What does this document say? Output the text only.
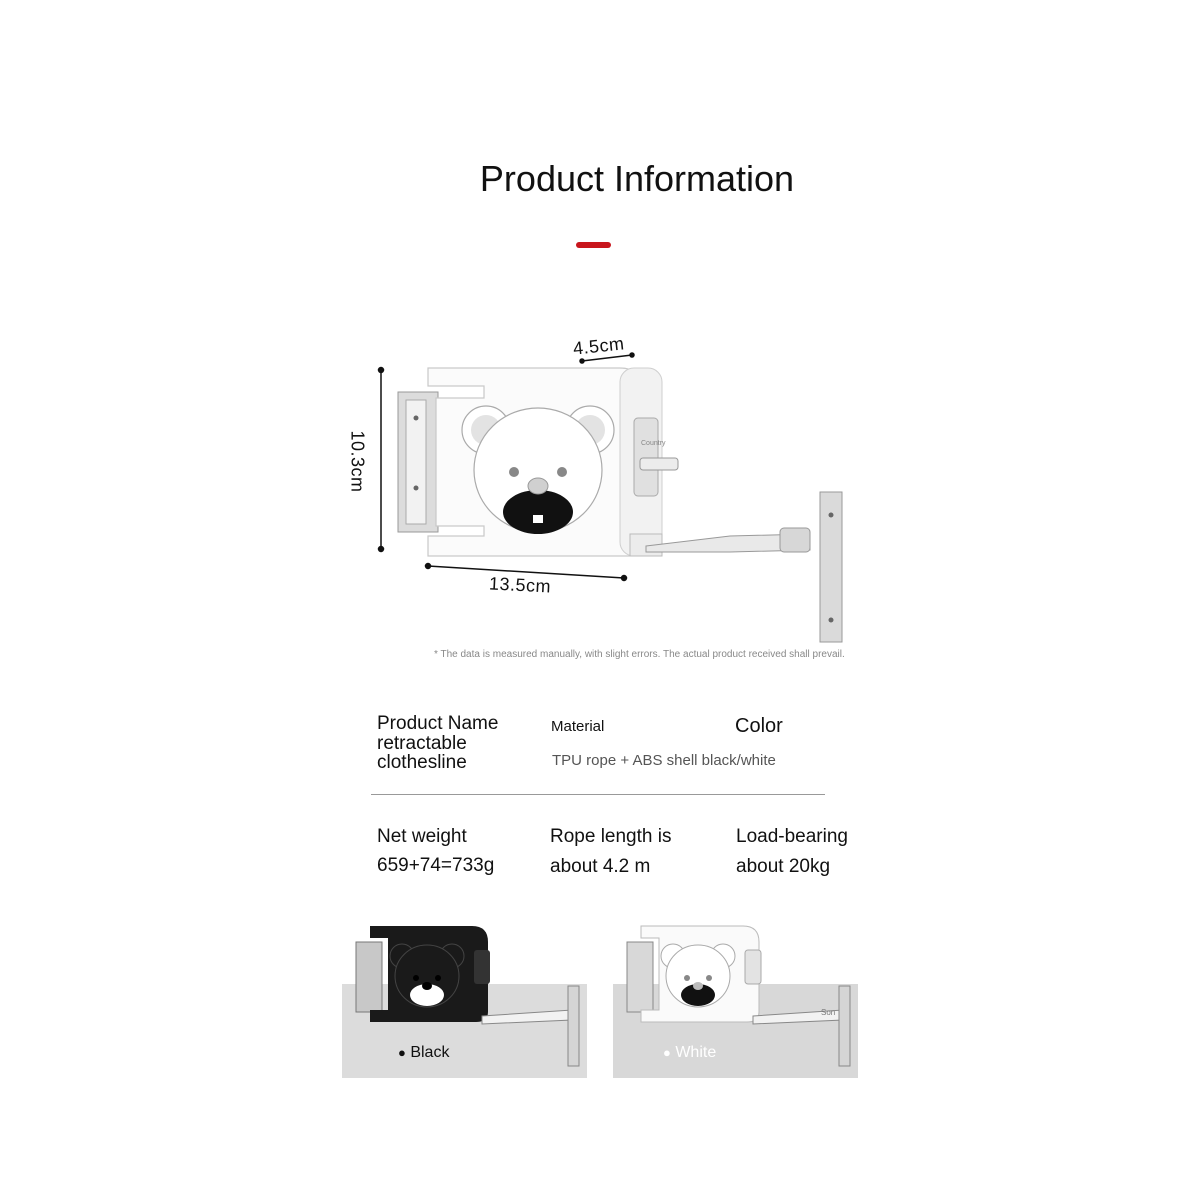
Product Information
Country
4.5cm
10.3cm
13.5cm
* The data is measured manually, with slight errors. The actual product received shall prevail.
Product Name
retractable
clothesline
Material
TPU rope + ABS shell black/white
Color
Net weight
659+74=733g
Rope length is
about 4.2 m
Load-bearing
about 20kg
● Black
Son
● White
